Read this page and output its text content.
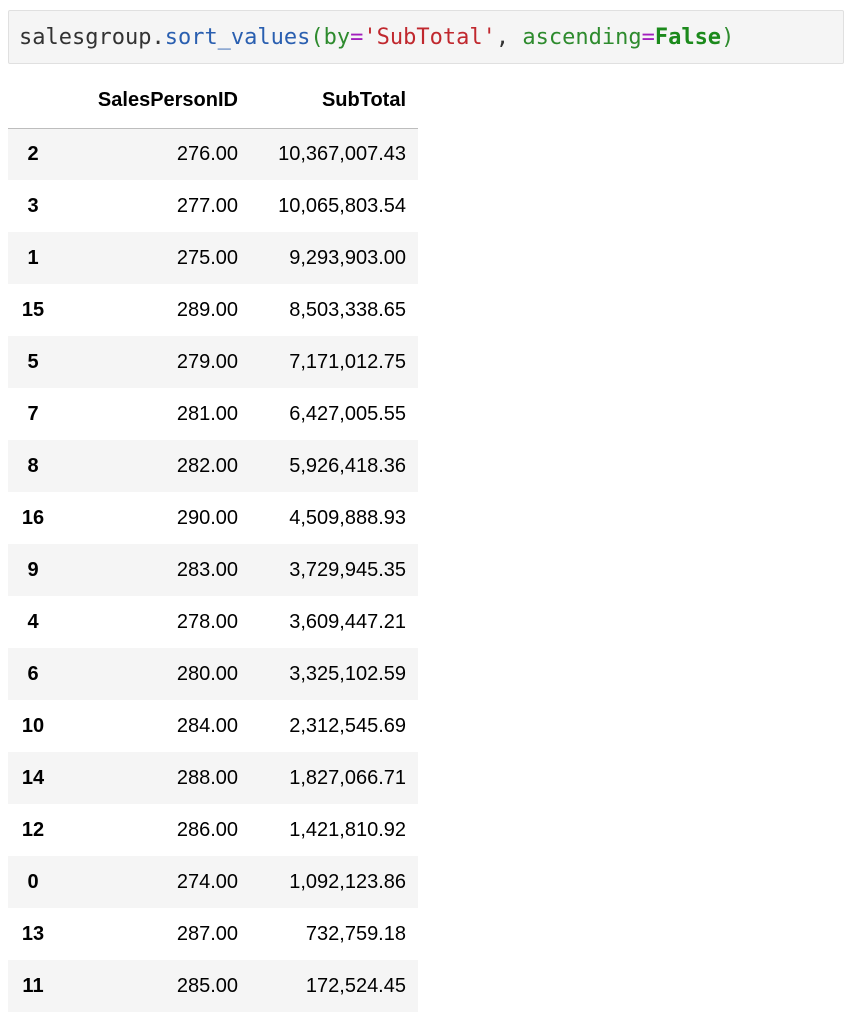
salesgroup.sort_values(by='SubTotal', ascending=False)
	SalesPersonID	SubTotal
2	276.00	10,367,007.43
3	277.00	10,065,803.54
1	275.00	9,293,903.00
15	289.00	8,503,338.65
5	279.00	7,171,012.75
7	281.00	6,427,005.55
8	282.00	5,926,418.36
16	290.00	4,509,888.93
9	283.00	3,729,945.35
4	278.00	3,609,447.21
6	280.00	3,325,102.59
10	284.00	2,312,545.69
14	288.00	1,827,066.71
12	286.00	1,421,810.92
0	274.00	1,092,123.86
13	287.00	732,759.18
11	285.00	172,524.45
